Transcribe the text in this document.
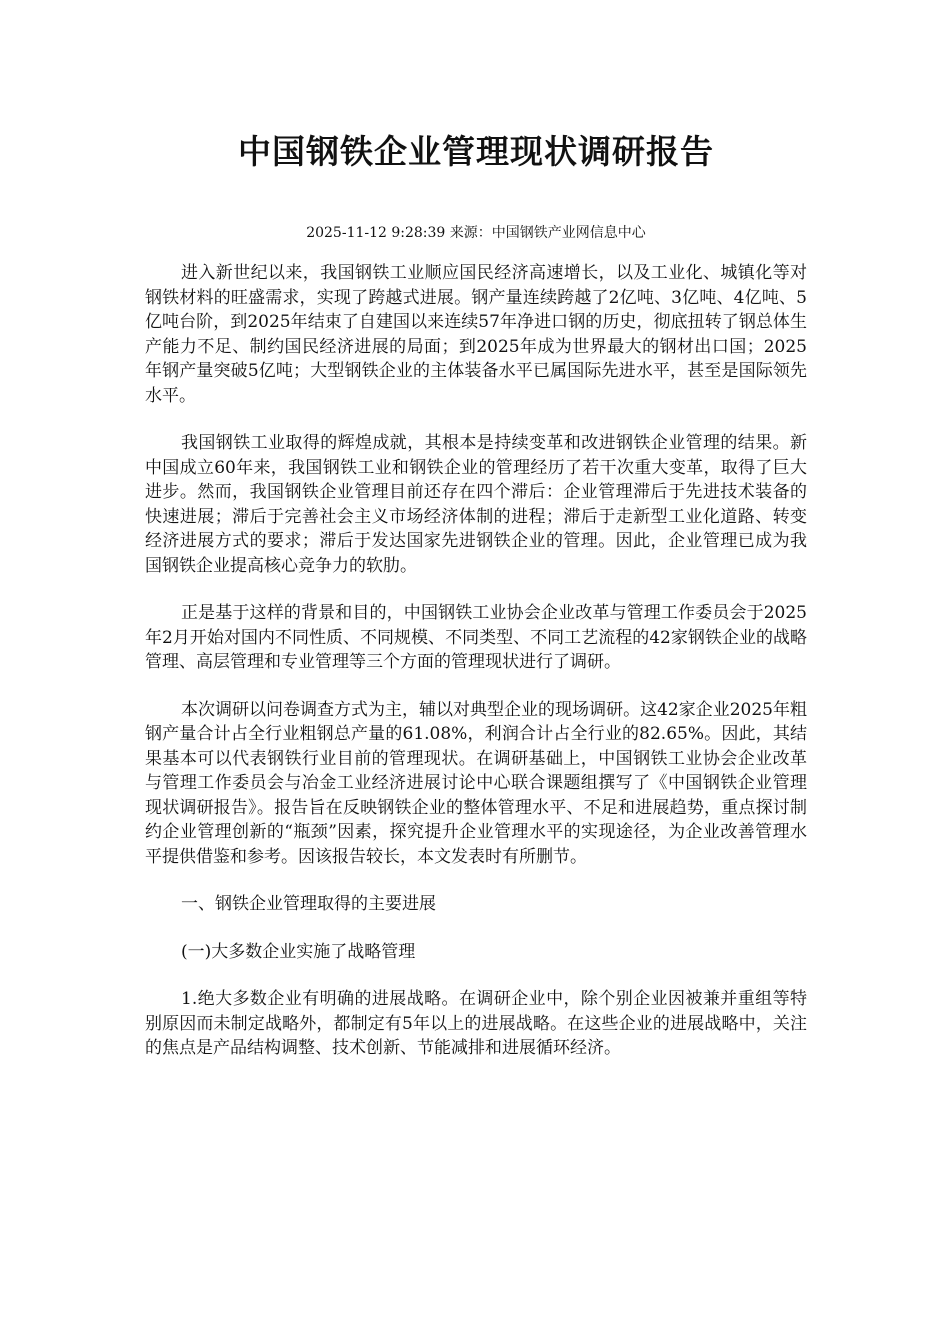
中国钢铁企业管理现状调研报告
2025-11-12 9:28:39 来源：中国钢铁产业网信息中心

进入新世纪以来，我国钢铁工业顺应国民经济高速增长，以及工业化、城镇化等对钢铁材料的旺盛需求，实现了跨越式进展。钢产量连续跨越了2亿吨、3亿吨、4亿吨、5亿吨台阶，到2025年结束了自建国以来连续57年净进口钢的历史，彻底扭转了钢总体生产能力不足、制约国民经济进展的局面；到2025年成为世界最大的钢材出口国；2025年钢产量突破5亿吨；大型钢铁企业的主体装备水平已属国际先进水平，甚至是国际领先水平。

我国钢铁工业取得的辉煌成就，其根本是持续变革和改进钢铁企业管理的结果。新中国成立60年来，我国钢铁工业和钢铁企业的管理经历了若干次重大变革，取得了巨大进步。然而，我国钢铁企业管理目前还存在四个滞后：企业管理滞后于先进技术装备的快速进展；滞后于完善社会主义市场经济体制的进程；滞后于走新型工业化道路、转变经济进展方式的要求；滞后于发达国家先进钢铁企业的管理。因此，企业管理已成为我国钢铁企业提高核心竞争力的软肋。

正是基于这样的背景和目的，中国钢铁工业协会企业改革与管理工作委员会于2025年2月开始对国内不同性质、不同规模、不同类型、不同工艺流程的42家钢铁企业的战略管理、高层管理和专业管理等三个方面的管理现状进行了调研。

本次调研以问卷调查方式为主，辅以对典型企业的现场调研。这42家企业2025年粗钢产量合计占全行业粗钢总产量的61.08%，利润合计占全行业的82.65%。因此，其结果基本可以代表钢铁行业目前的管理现状。在调研基础上，中国钢铁工业协会企业改革与管理工作委员会与冶金工业经济进展讨论中心联合课题组撰写了《中国钢铁企业管理现状调研报告》。报告旨在反映钢铁企业的整体管理水平、不足和进展趋势，重点探讨制约企业管理创新的“瓶颈”因素，探究提升企业管理水平的实现途径，为企业改善管理水平提供借鉴和参考。因该报告较长，本文发表时有所删节。

一、钢铁企业管理取得的主要进展

(一)大多数企业实施了战略管理

1.绝大多数企业有明确的进展战略。在调研企业中，除个别企业因被兼并重组等特别原因而未制定战略外，都制定有5年以上的进展战略。在这些企业的进展战略中，关注的焦点是产品结构调整、技术创新、节能减排和进展循环经济。
